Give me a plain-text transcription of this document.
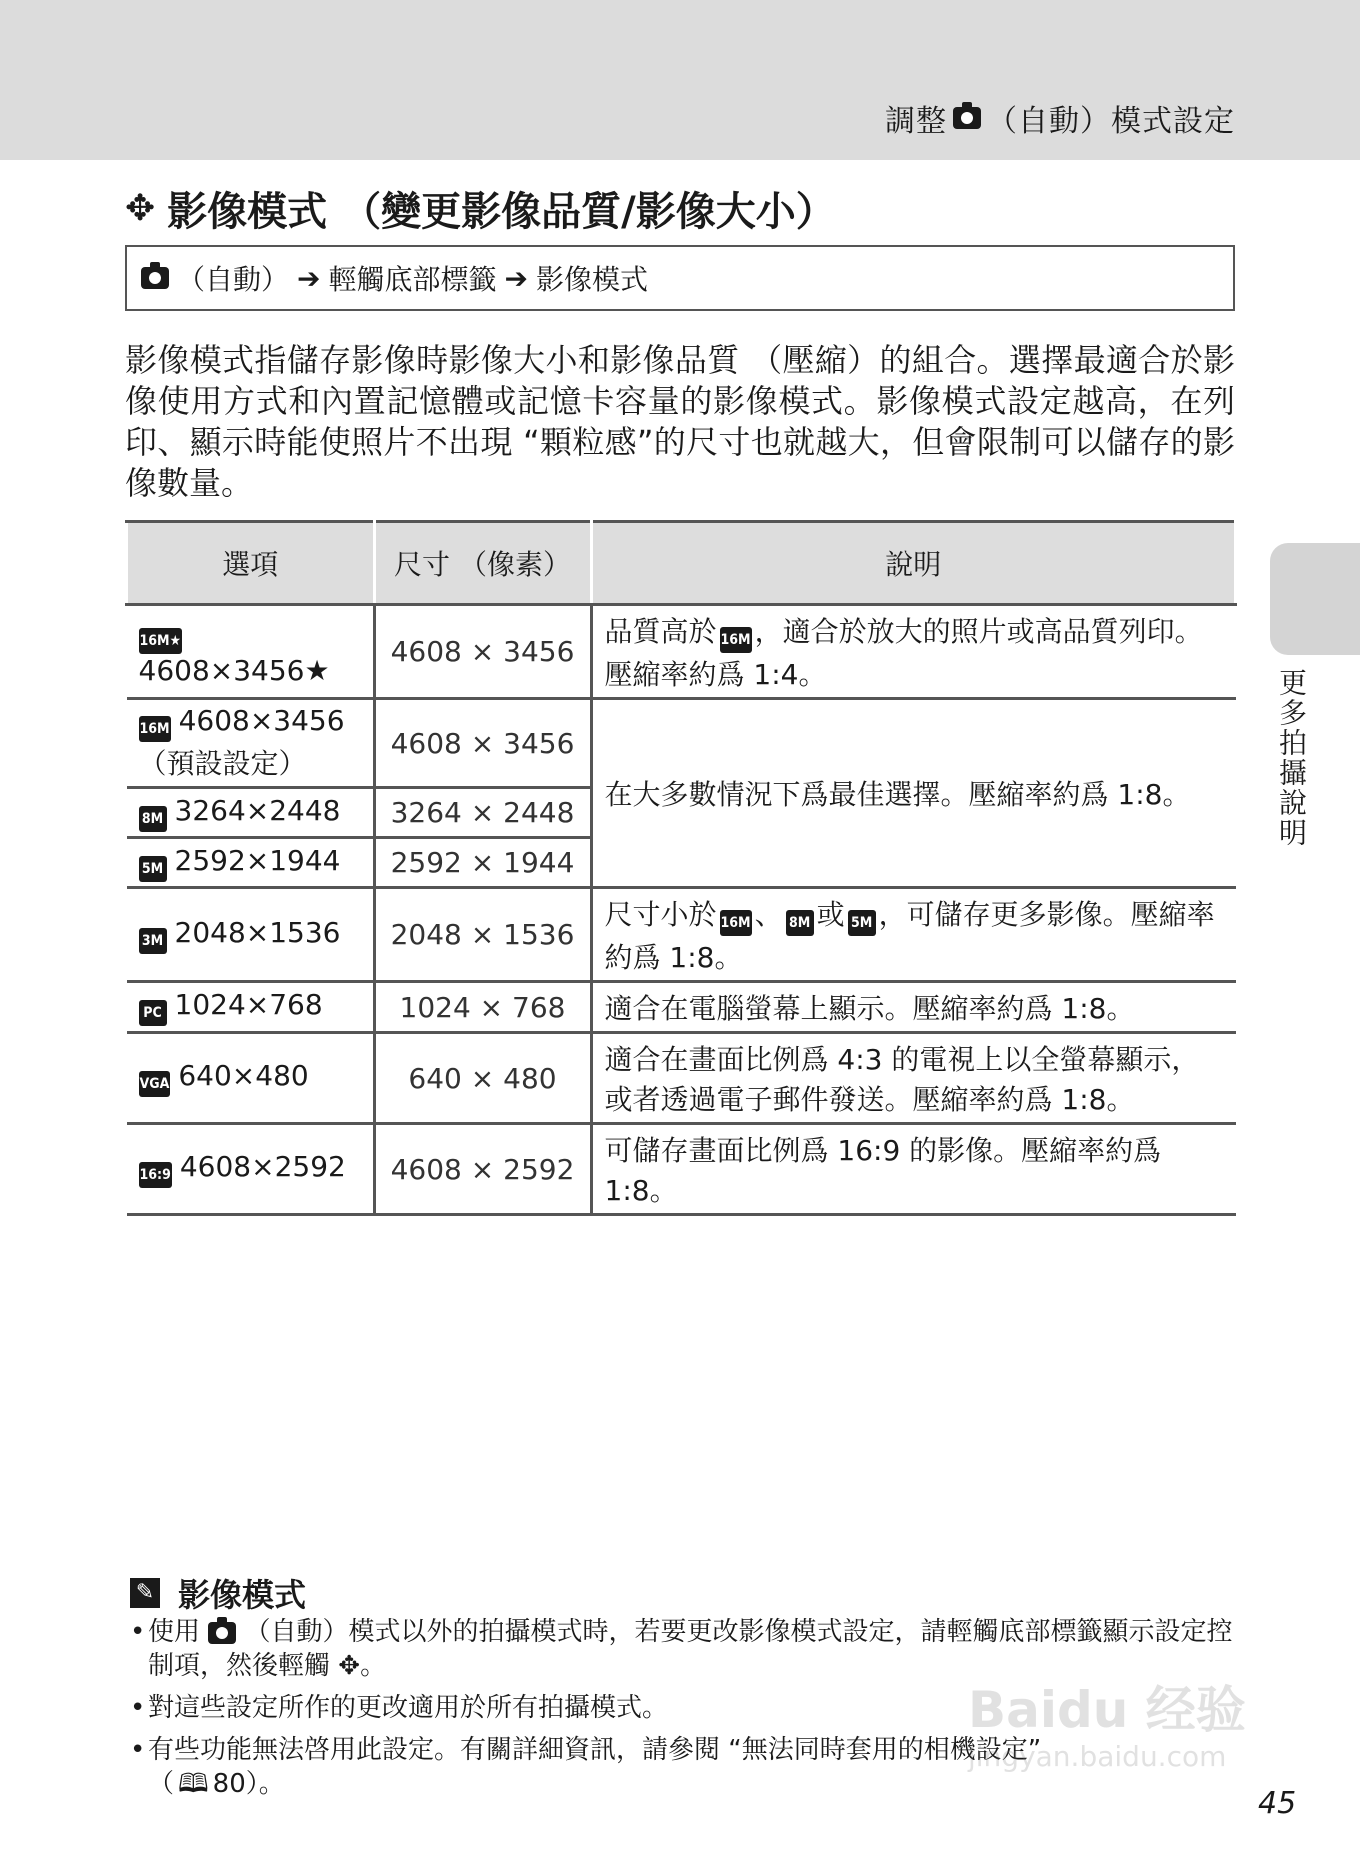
調整 （自動）模式設定
✥ 影像模式 （變更影像品質/影像大小）
（自動） ➔ 輕觸底部標籤 ➔ 影像模式

影像模式指儲存影像時影像大小和影像品質 （壓縮）的組合。選擇最適合於影像使用方式和內置記憶體或記憶卡容量的影像模式。影像模式設定越高，在列印、顯示時能使照片不出現 “顆粒感”的尺寸也就越大，但會限制可以儲存的影像數量。

更多拍攝說明
選項	尺寸 （像素）	說明
16M★4608×3456★	4608 × 3456	品質高於 16M ，適合於放大的照片或高品質列印。壓縮率約爲 1:4。
16M 4608×3456
（預設設定）	4608 × 3456	在大多數情況下爲最佳選擇。壓縮率約爲 1:8。
8M 3264×2448	3264 × 2448	
5M 2592×1944	2592 × 1944	
3M 2048×1536	2048 × 1536	尺寸小於 16M 、 8M 或 5M ，可儲存更多影像。壓縮率約爲 1:8。
PC 1024×768	1024 × 768	適合在電腦螢幕上顯示。壓縮率約爲 1:8。
VGA 640×480	640 × 480	適合在畫面比例爲 4:3 的電視上以全螢幕顯示，或者透過電子郵件發送。壓縮率約爲 1:8。
16:9 4608×2592	4608 × 2592	可儲存畫面比例爲 16:9 的影像。壓縮率約爲 1:8。
✎ 影像模式
• 使用 （自動）模式以外的拍攝模式時，若要更改影像模式設定，請輕觸底部標籤顯示設定控制項，然後輕觸 ✥。
• 對這些設定所作的更改適用於所有拍攝模式。
• 有些功能無法啓用此設定。有關詳細資訊，請參閱 “無法同時套用的相機設定”
（ 🕮 80）。
Baidu 经验
jingyan.baidu.com
45
